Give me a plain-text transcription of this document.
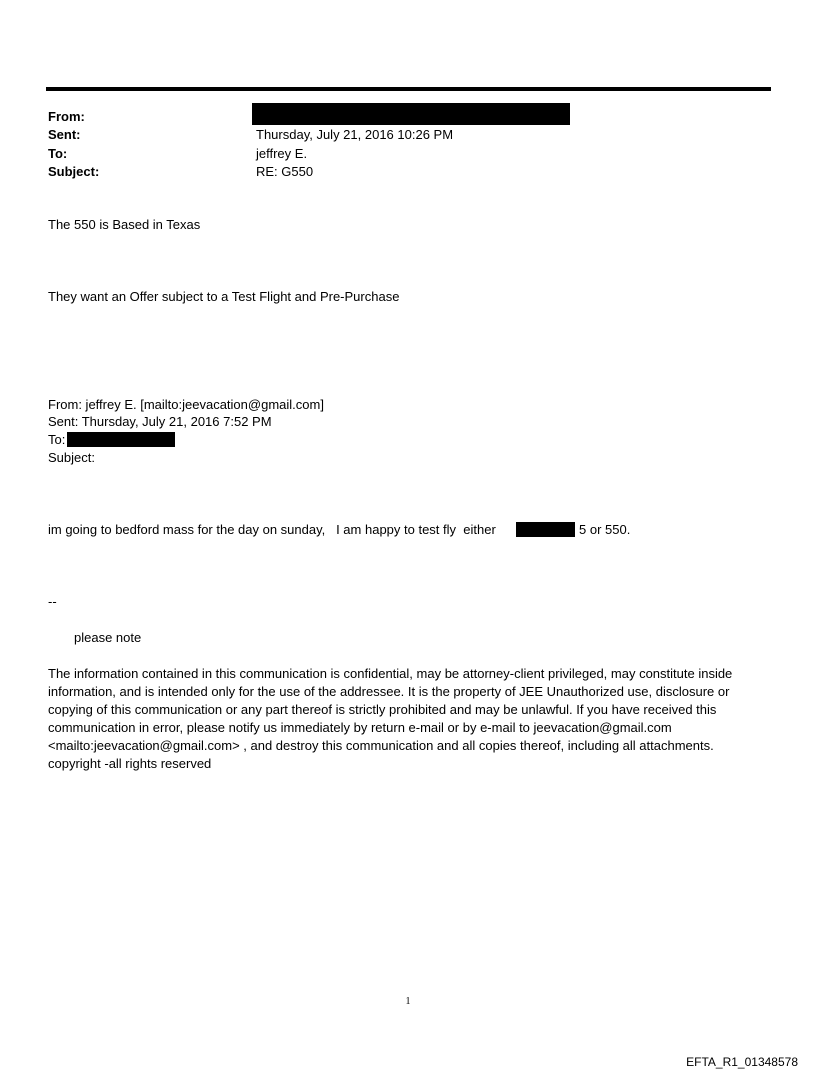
From:
Sent:	Thursday, July 21, 2016 10:26 PM
To:	jeffrey E.
Subject:	RE: G550
The 550 is Based in Texas
They want an Offer subject to a Test Flight and Pre-Purchase
From: jeffrey E. [mailto:jeevacation@gmail.com]
Sent: Thursday, July 21, 2016 7:52 PM
To:
Subject:
im going to bedford mass for the day on sunday,   I am happy to test fly  either	5 or 550.
--
please note
The information contained in this communication is confidential, may be attorney-client privileged, may constitute inside information, and is intended only for the use of the addressee. It is the property of JEE Unauthorized use, disclosure or copying of this communication or any part thereof is strictly prohibited and may be unlawful. If you have received this communication in error, please notify us immediately by return e-mail or by e-mail to jeevacation@gmail.com <mailto:jeevacation@gmail.com> , and destroy this communication and all copies thereof, including all attachments. copyright -all rights reserved
1
EFTA_R1_01348578
